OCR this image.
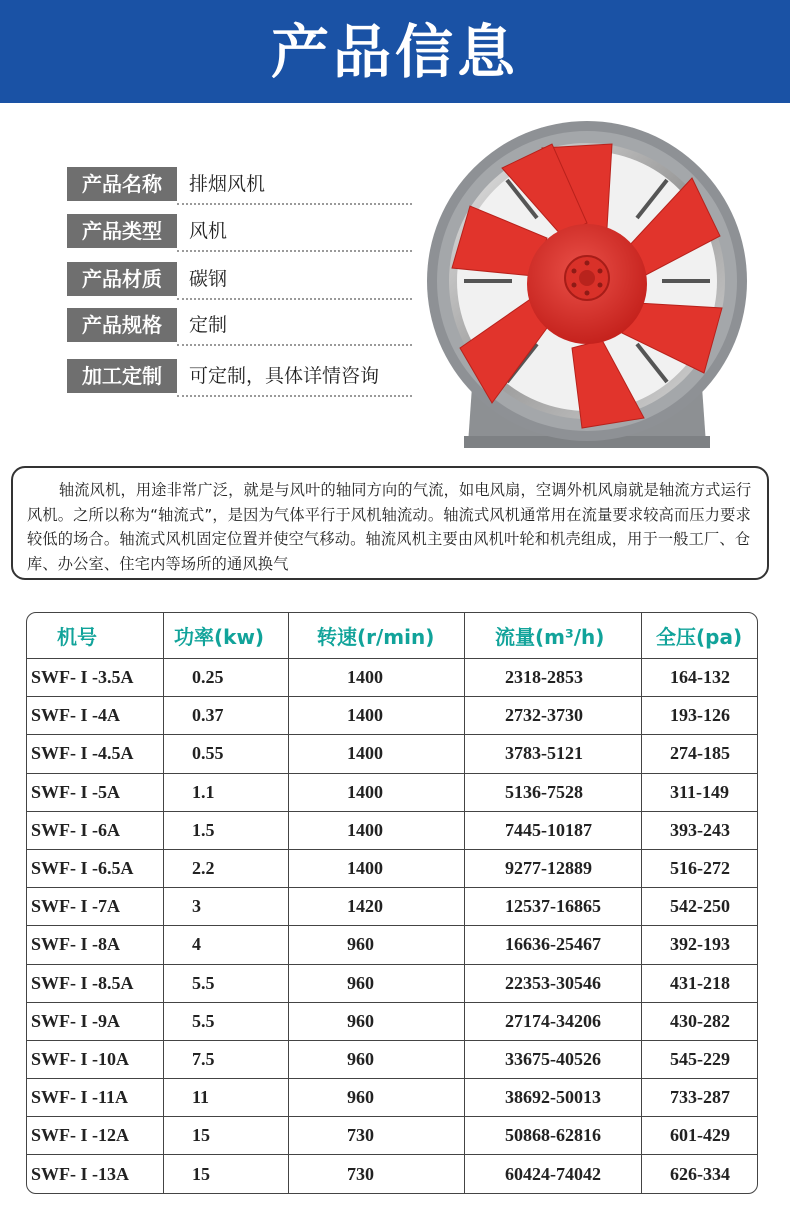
产品信息
产品名称	排烟风机
产品类型	风机
产品材质	碳钢
产品规格	定制
加工定制	可定制，具体详情咨询

轴流风机，用途非常广泛，就是与风叶的轴同方向的气流，如电风扇，空调外机风扇就是轴流方式运行风机。之所以称为“轴流式”，是因为气体平行于风机轴流动。轴流式风机通常用在流量要求较高而压力要求较低的场合。轴流式风机固定位置并使空气移动。轴流风机主要由风机叶轮和机壳组成，用于一般工厂、仓库、办公室、住宅内等场所的通风换气

机号	功率(kw)	转速(r/min)	流量(m³/h)	全压(pa)
SWF- I -3.5A	0.25	1400	2318-2853	164-132
SWF- I -4A	0.37	1400	2732-3730	193-126
SWF- I -4.5A	0.55	1400	3783-5121	274-185
SWF- I -5A	1.1	1400	5136-7528	311-149
SWF- I -6A	1.5	1400	7445-10187	393-243
SWF- I -6.5A	2.2	1400	9277-12889	516-272
SWF- I -7A	3	1420	12537-16865	542-250
SWF- I -8A	4	960	16636-25467	392-193
SWF- I -8.5A	5.5	960	22353-30546	431-218
SWF- I -9A	5.5	960	27174-34206	430-282
SWF- I -10A	7.5	960	33675-40526	545-229
SWF- I -11A	11	960	38692-50013	733-287
SWF- I -12A	15	730	50868-62816	601-429
SWF- I -13A	15	730	60424-74042	626-334
